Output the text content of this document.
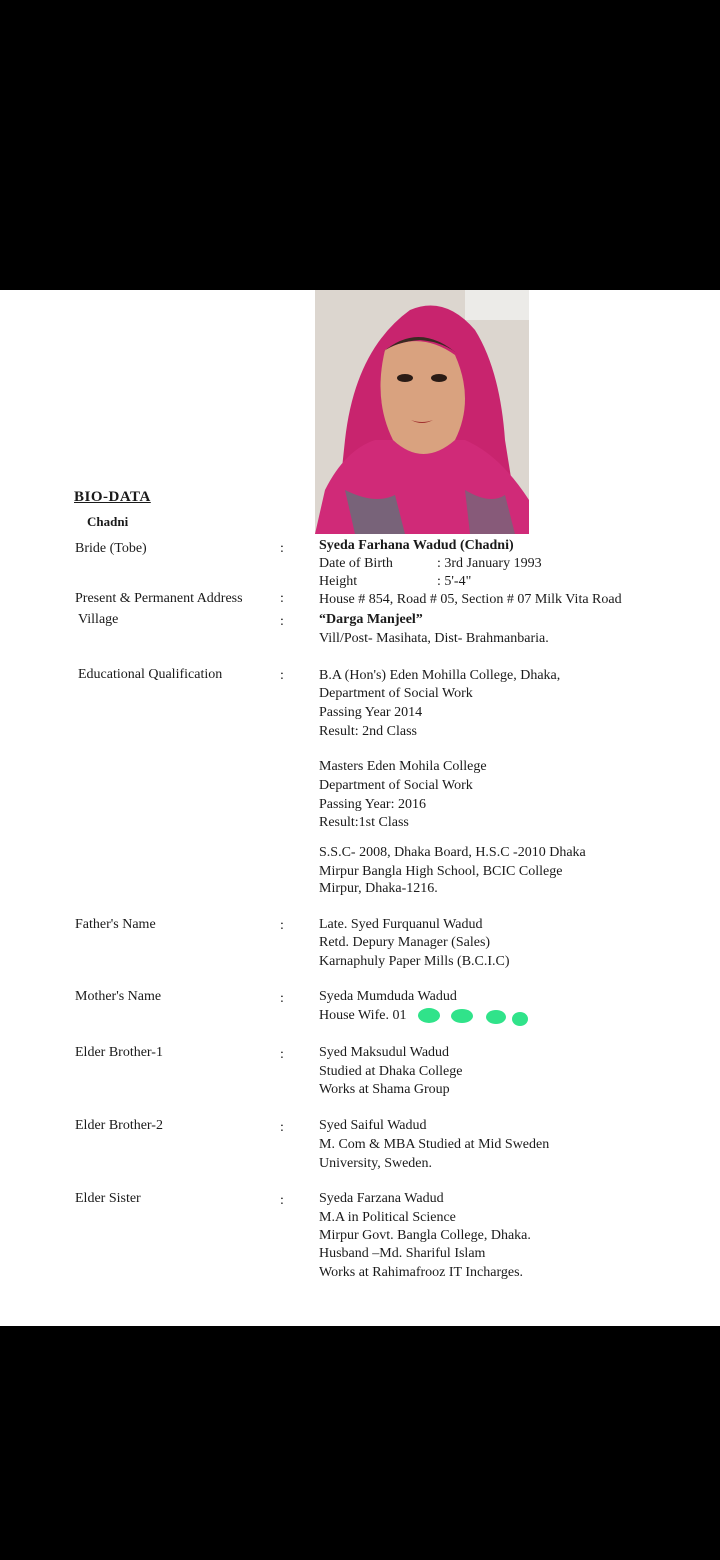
BIO-DATA
Chadni
Bride (Tobe)	:	Syeda Farhana Wadud (Chadni)
Date of Birth	: 3rd January 1993
Height	: 5'-4"
Present & Permanent Address	:	House # 854, Road # 05, Section # 07 Milk Vita Road
Village	:	“Darga Manjeel”
Vill/Post- Masihata, Dist- Brahmanbaria.
Educational Qualification	:	B.A (Hon's) Eden Mohilla College, Dhaka,
Department of Social Work
Passing Year 2014
Result: 2nd Class
Masters Eden Mohila College
Department of Social Work
Passing Year: 2016
Result:1st Class
S.S.C- 2008, Dhaka Board, H.S.C -2010 Dhaka
Mirpur Bangla High School, BCIC College
Mirpur, Dhaka-1216.
Father's Name	:	Late. Syed Furquanul Wadud
Retd. Depury Manager (Sales)
Karnaphuly Paper Mills (B.C.I.C)
Mother's Name	:	Syeda Mumduda Wadud
House Wife. 01
Elder Brother-1	:	Syed Maksudul Wadud
Studied at Dhaka College
Works at Shama Group
Elder Brother-2	:	Syed Saiful Wadud
M. Com & MBA Studied at Mid Sweden
University, Sweden.
Elder Sister	:	Syeda Farzana Wadud
M.A in Political Science
Mirpur Govt. Bangla College, Dhaka.
Husband –Md. Shariful Islam
Works at Rahimafrooz IT Incharges.
